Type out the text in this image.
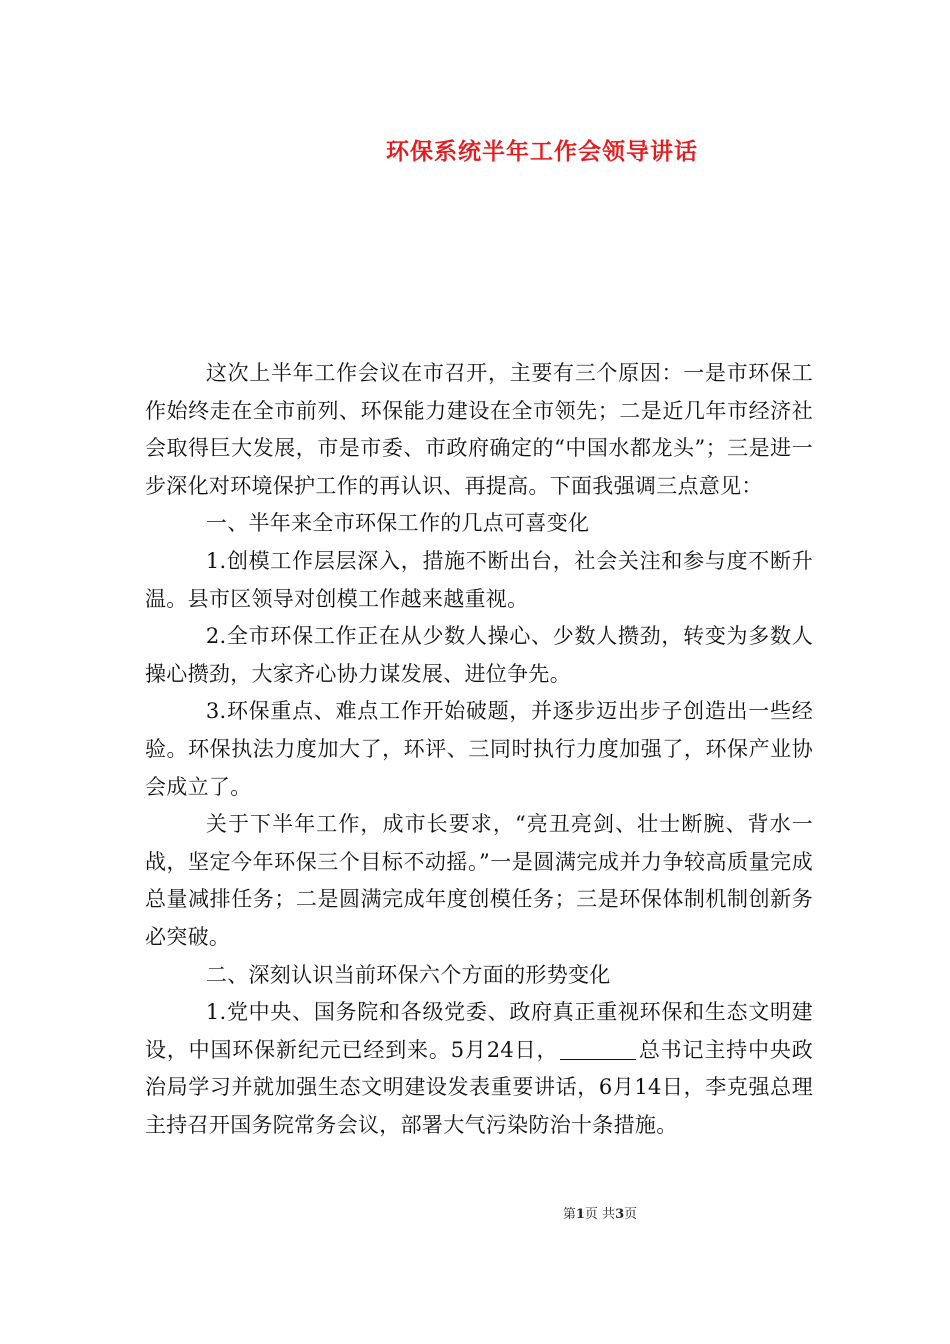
环保系统半年工作会领导讲话

这次上半年工作会议在市召开，主要有三个原因：一是市环保工作始终走在全市前列、环保能力建设在全市领先；二是近几年市经济社会取得巨大发展，市是市委、市政府确定的“中国水都龙头”；三是进一步深化对环境保护工作的再认识、再提高。下面我强调三点意见：

一、半年来全市环保工作的几点可喜变化

1.创模工作层层深入，措施不断出台，社会关注和参与度不断升温。县市区领导对创模工作越来越重视。

2.全市环保工作正在从少数人操心、少数人攒劲，转变为多数人操心攒劲，大家齐心协力谋发展、进位争先。

3.环保重点、难点工作开始破题，并逐步迈出步子创造出一些经验。环保执法力度加大了，环评、三同时执行力度加强了，环保产业协会成立了。

关于下半年工作，成市长要求，“亮丑亮剑、壮士断腕、背水一战，坚定今年环保三个目标不动摇。”一是圆满完成并力争较高质量完成总量减排任务；二是圆满完成年度创模任务；三是环保体制机制创新务必突破。

二、深刻认识当前环保六个方面的形势变化

1.党中央、国务院和各级党委、政府真正重视环保和生态文明建设，中国环保新纪元已经到来。5月24日，	总书记主持中央政治局学习并就加强生态文明建设发表重要讲话，6月14日，李克强总理主持召开国务院常务会议，部署大气污染防治十条措施。

第1页 共3页
